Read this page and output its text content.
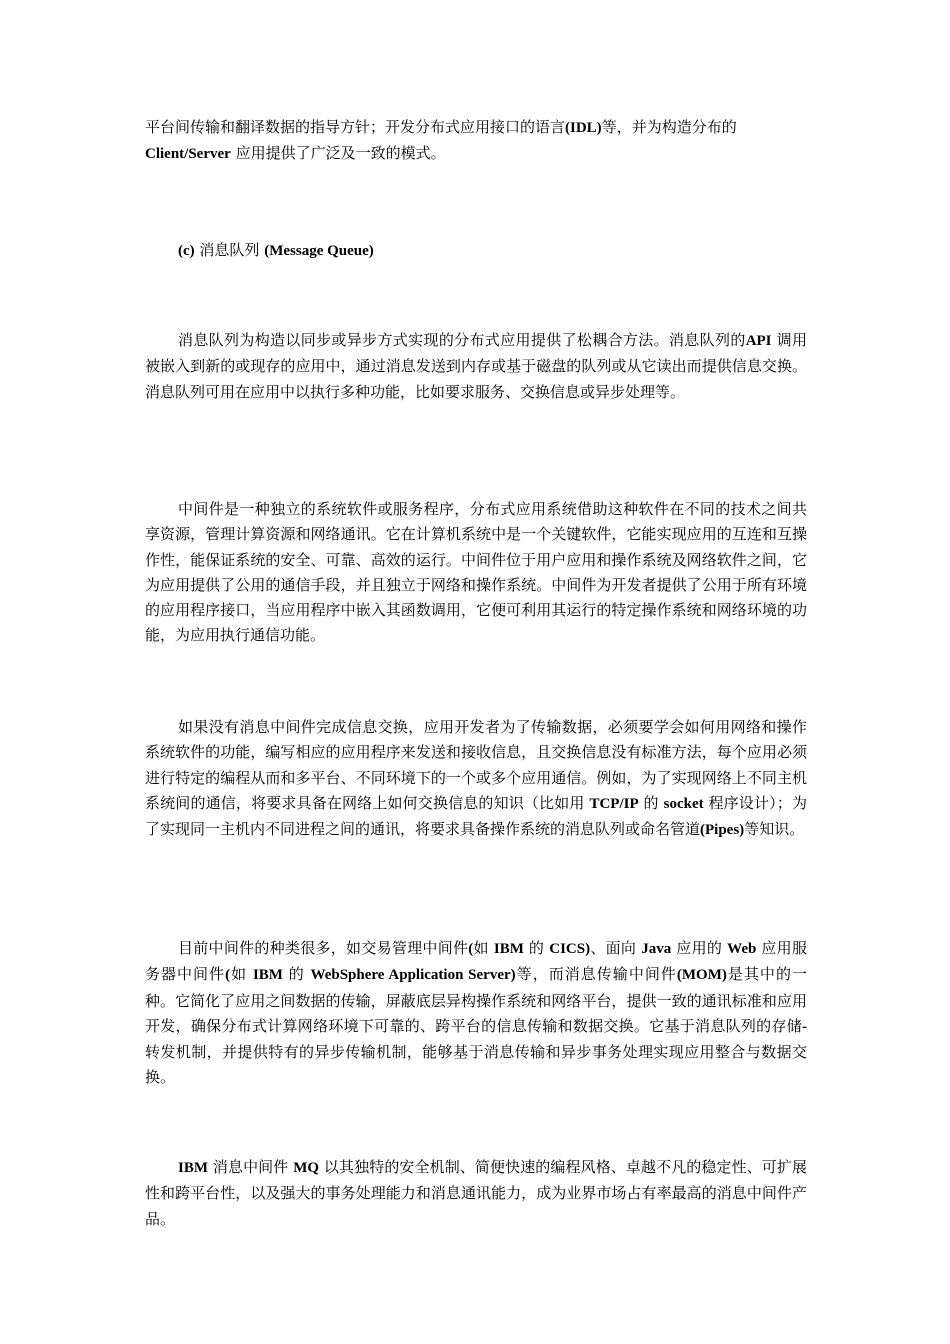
平台间传输和翻译数据的指导方针；开发分布式应用接口的语言(IDL)等，并为构造分布的
Client/Server 应用提供了广泛及一致的模式。
(c) 消息队列 (Message Queue)
消息队列为构造以同步或异步方式实现的分布式应用提供了松耦合方法。消息队列的API 调用被嵌入到新的或现存的应用中，通过消息发送到内存或基于磁盘的队列或从它读出而提供信息交换。消息队列可用在应用中以执行多种功能，比如要求服务、交换信息或异步处理等。
中间件是一种独立的系统软件或服务程序，分布式应用系统借助这种软件在不同的技术之间共享资源，管理计算资源和网络通讯。它在计算机系统中是一个关键软件，它能实现应用的互连和互操作性，能保证系统的安全、可靠、高效的运行。中间件位于用户应用和操作系统及网络软件之间，它为应用提供了公用的通信手段，并且独立于网络和操作系统。中间件为开发者提供了公用于所有环境的应用程序接口，当应用程序中嵌入其函数调用，它便可利用其运行的特定操作系统和网络环境的功能，为应用执行通信功能。
如果没有消息中间件完成信息交换，应用开发者为了传输数据，必须要学会如何用网络和操作系统软件的功能，编写相应的应用程序来发送和接收信息，且交换信息没有标准方法，每个应用必须进行特定的编程从而和多平台、不同环境下的一个或多个应用通信。例如，为了实现网络上不同主机系统间的通信，将要求具备在网络上如何交换信息的知识（比如用 TCP/IP 的 socket 程序设计）；为了实现同一主机内不同进程之间的通讯，将要求具备操作系统的消息队列或命名管道(Pipes)等知识。
目前中间件的种类很多，如交易管理中间件(如 IBM 的 CICS)、面向 Java 应用的 Web 应用服务器中间件(如 IBM 的 WebSphere Application Server)等，而消息传输中间件(MOM)是其中的一种。它简化了应用之间数据的传输，屏蔽底层异构操作系统和网络平台，提供一致的通讯标准和应用开发，确保分布式计算网络环境下可靠的、跨平台的信息传输和数据交换。它基于消息队列的存储-转发机制，并提供特有的异步传输机制，能够基于消息传输和异步事务处理实现应用整合与数据交换。
IBM 消息中间件 MQ 以其独特的安全机制、简便快速的编程风格、卓越不凡的稳定性、可扩展性和跨平台性，以及强大的事务处理能力和消息通讯能力，成为业界市场占有率最高的消息中间件产品。
